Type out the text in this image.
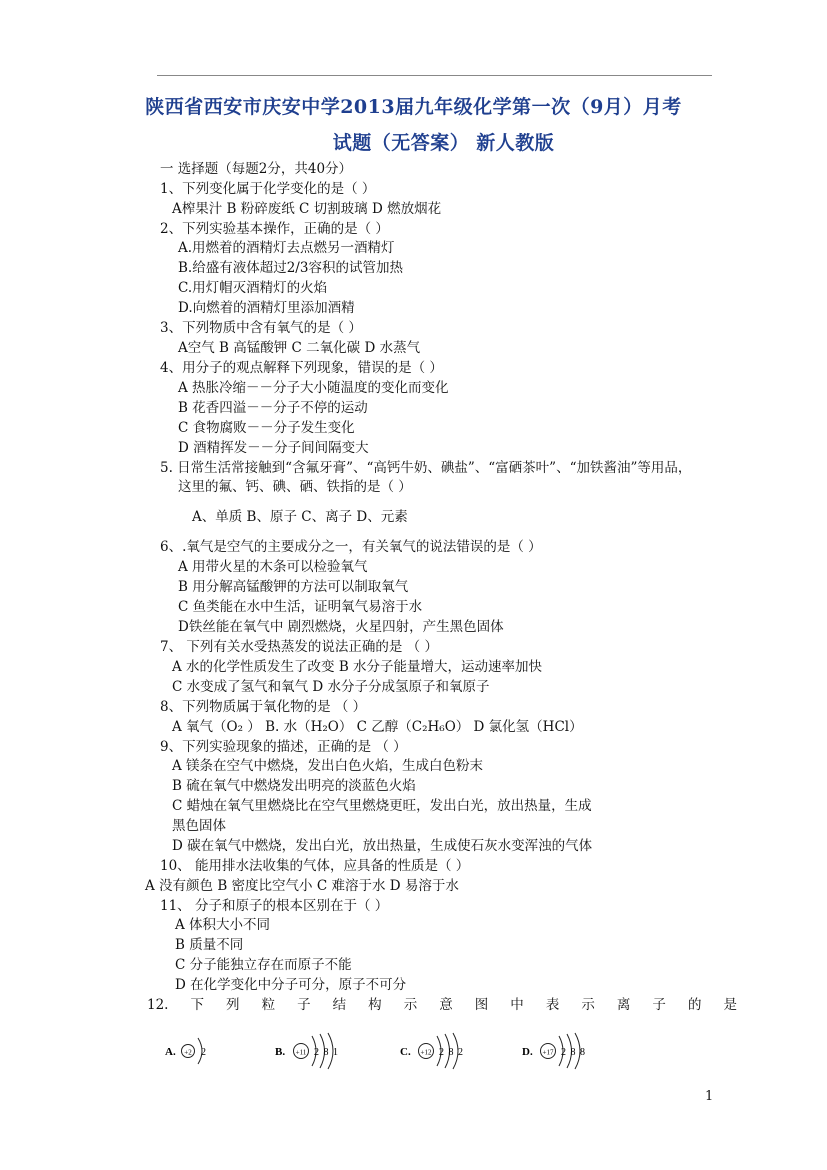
陕西省西安市庆安中学2013届九年级化学第一次（9月）月考
试题（无答案） 新人教版
一 选择题（每题2分，共40分）
1、下列变化属于化学变化的是（ ）
A榨果汁 B 粉碎废纸 C 切割玻璃 D 燃放烟花
2、下列实验基本操作，正确的是（ ）
A.用燃着的酒精灯去点燃另一酒精灯
B.给盛有液体超过2/3容积的试管加热
C.用灯帽灭酒精灯的火焰
D.向燃着的酒精灯里添加酒精
3、下列物质中含有氧气的是（ ）
A空气 B 高锰酸钾 C 二氧化碳 D 水蒸气
4、用分子的观点解释下列现象，错误的是（ ）
A 热胀冷缩－－分子大小随温度的变化而变化
B 花香四溢－－分子不停的运动
C 食物腐败－－分子发生变化
D 酒精挥发－－分子间间隔变大
5. 日常生活常接触到“含氟牙膏”、“高钙牛奶、碘盐”、“富硒茶叶”、“加铁酱油”等用品，
这里的氟、钙、碘、硒、铁指的是（ ）
A、单质 B、原子 C、离子 D、元素
6、.氧气是空气的主要成分之一，有关氧气的说法错误的是（ ）
A 用带火星的木条可以检验氧气
B 用分解高锰酸钾的方法可以制取氧气
C 鱼类能在水中生活，证明氧气易溶于水
D铁丝能在氧气中 剧烈燃烧，火星四射，产生黑色固体
7、 下列有关水受热蒸发的说法正确的是 （ ）
A 水的化学性质发生了改变 B 水分子能量增大，运动速率加快
C 水变成了氢气和氧气 D 水分子分成氢原子和氧原子
8、下列物质属于氧化物的是 （ ）
A 氧气（O₂ ） B. 水（H₂O） C 乙醇（C₂H₆O） D 氯化氢（HCl）
9、下列实验现象的描述，正确的是 （ ）
A 镁条在空气中燃烧，发出白色火焰，生成白色粉末
B 硫在氧气中燃烧发出明亮的淡蓝色火焰
C 蜡烛在氧气里燃烧比在空气里燃烧更旺，发出白光，放出热量，生成
黑色固体
D 碳在氧气中燃烧，发出白光，放出热量，生成使石灰水变浑浊的气体
10、 能用排水法收集的气体，应具备的性质是（ ）
A 没有颜色 B 密度比空气小 C 难溶于水 D 易溶于水
11、 分子和原子的根本区别在于（ ）
A 体积大小不同
B 质量不同
C 分子能独立存在而原子不能
D 在化学变化中分子可分，原子不可分
12. 下 列 粒 子 结 构 示 意 图 中 表 示 离 子 的 是
A. +2 2	B. +11 2 8 1	C. +12 2 8 2	D. +17 2 8 8
1
